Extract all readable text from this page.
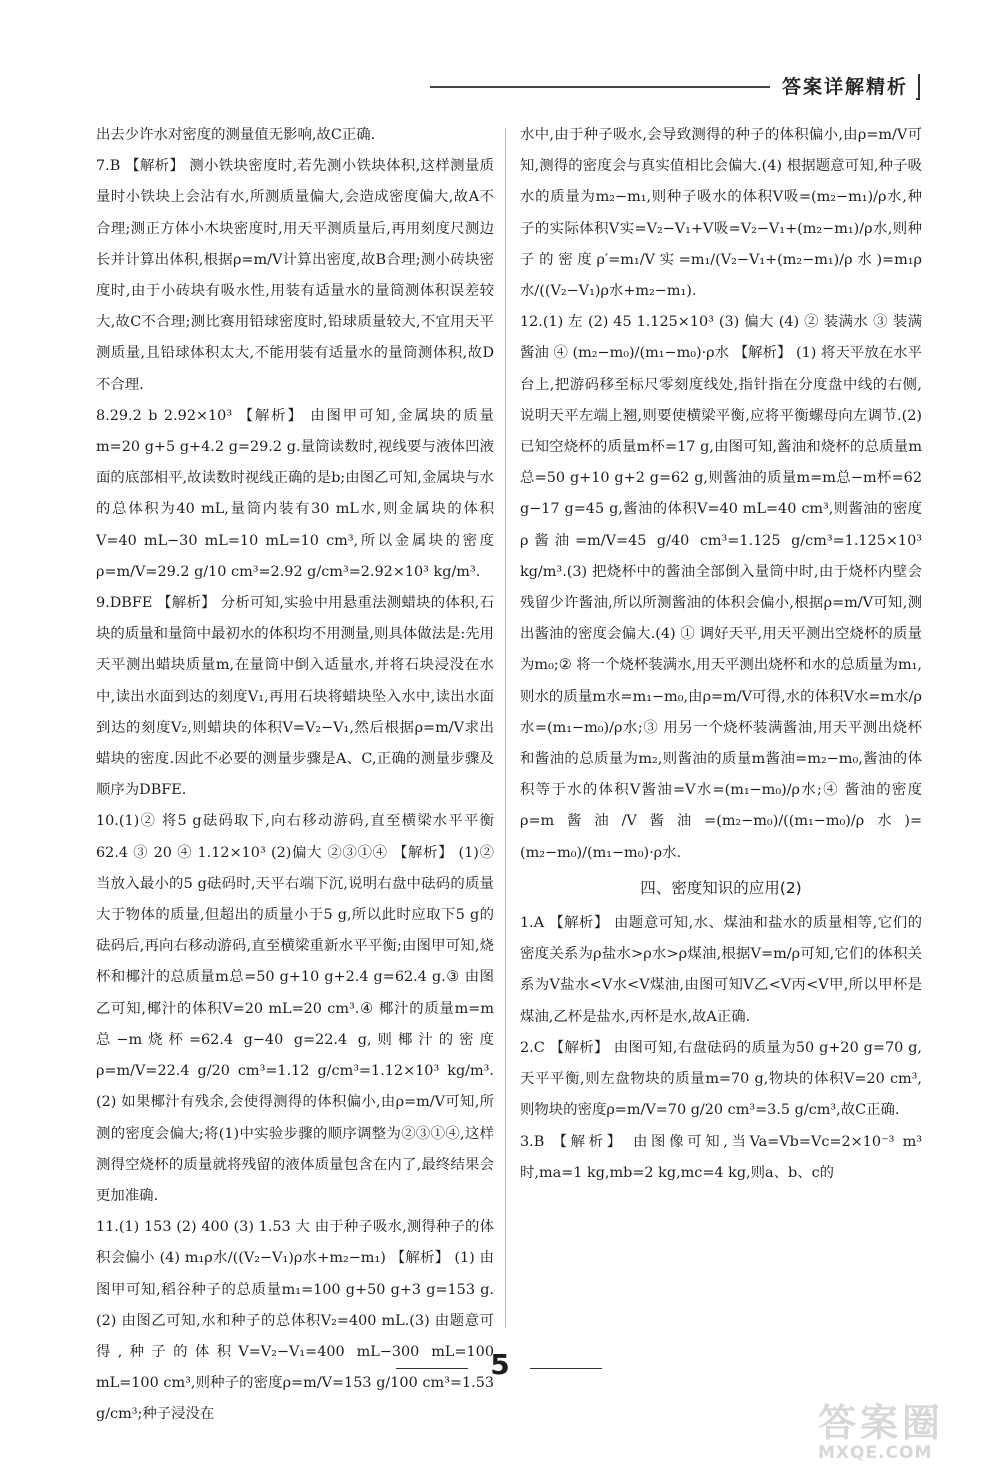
答案详解精析

出去少许水对密度的测量值无影响,故C正确.

7.B 【解析】 测小铁块密度时,若先测小铁块体积,这样测量质量时小铁块上会沾有水,所测质量偏大,会造成密度偏大,故A不合理;测正方体小木块密度时,用天平测质量后,再用刻度尺测边长并计算出体积,根据ρ=m/V计算出密度,故B合理;测小砖块密度时,由于小砖块有吸水性,用装有适量水的量筒测体积误差较大,故C不合理;测比赛用铅球密度时,铅球质量较大,不宜用天平测质量,且铅球体积太大,不能用装有适量水的量筒测体积,故D不合理.

8.29.2 b 2.92×10³ 【解析】 由图甲可知,金属块的质量m=20 g+5 g+4.2 g=29.2 g.量筒读数时,视线要与液体凹液面的底部相平,故读数时视线正确的是b;由图乙可知,金属块与水的总体积为40 mL,量筒内装有30 mL水,则金属块的体积V=40 mL−30 mL=10 mL=10 cm³,所以金属块的密度ρ=m/V=29.2 g/10 cm³=2.92 g/cm³=2.92×10³ kg/m³.

9.DBFE 【解析】 分析可知,实验中用悬重法测蜡块的体积,石块的质量和量筒中最初水的体积均不用测量,则具体做法是:先用天平测出蜡块质量m,在量筒中倒入适量水,并将石块浸没在水中,读出水面到达的刻度V₁,再用石块将蜡块坠入水中,读出水面到达的刻度V₂,则蜡块的体积V=V₂−V₁,然后根据ρ=m/V求出蜡块的密度.因此不必要的测量步骤是A、C,正确的测量步骤及顺序为DBFE.

10.(1)② 将5 g砝码取下,向右移动游码,直至横梁水平平衡 62.4 ③ 20 ④ 1.12×10³ (2)偏大 ②③①④ 【解析】 (1)② 当放入最小的5 g砝码时,天平右端下沉,说明右盘中砝码的质量大于物体的质量,但超出的质量小于5 g,所以此时应取下5 g的砝码后,再向右移动游码,直至横梁重新水平平衡;由图甲可知,烧杯和椰汁的总质量m总=50 g+10 g+2.4 g=62.4 g.③ 由图乙可知,椰汁的体积V=20 mL=20 cm³.④ 椰汁的质量m=m总−m烧杯=62.4 g−40 g=22.4 g,则椰汁的密度ρ=m/V=22.4 g/20 cm³=1.12 g/cm³=1.12×10³ kg/m³.(2) 如果椰汁有残余,会使得测得的体积偏小,由ρ=m/V可知,所测的密度会偏大;将(1)中实验步骤的顺序调整为②③①④,这样测得空烧杯的质量就将残留的液体质量包含在内了,最终结果会更加准确.

11.(1) 153 (2) 400 (3) 1.53 大 由于种子吸水,测得种子的体积会偏小 (4) m₁ρ水/((V₂−V₁)ρ水+m₂−m₁) 【解析】 (1) 由图甲可知,稻谷种子的总质量m₁=100 g+50 g+3 g=153 g.(2) 由图乙可知,水和种子的总体积V₂=400 mL.(3) 由题意可得,种子的体积V=V₂−V₁=400 mL−300 mL=100 mL=100 cm³,则种子的密度ρ=m/V=153 g/100 cm³=1.53 g/cm³;种子浸没在

水中,由于种子吸水,会导致测得的种子的体积偏小,由ρ=m/V可知,测得的密度会与真实值相比会偏大.(4) 根据题意可知,种子吸水的质量为m₂−m₁,则种子吸水的体积V吸=(m₂−m₁)/ρ水,种子的实际体积V实=V₂−V₁+V吸=V₂−V₁+(m₂−m₁)/ρ水,则种子的密度ρ′=m₁/V实=m₁/(V₂−V₁+(m₂−m₁)/ρ水)=m₁ρ水/((V₂−V₁)ρ水+m₂−m₁).

12.(1) 左 (2) 45 1.125×10³ (3) 偏大 (4) ② 装满水 ③ 装满酱油 ④ (m₂−m₀)/(m₁−m₀)·ρ水 【解析】 (1) 将天平放在水平台上,把游码移至标尺零刻度线处,指针指在分度盘中线的右侧,说明天平左端上翘,则要使横梁平衡,应将平衡螺母向左调节.(2) 已知空烧杯的质量m杯=17 g,由图可知,酱油和烧杯的总质量m总=50 g+10 g+2 g=62 g,则酱油的质量m=m总−m杯=62 g−17 g=45 g,酱油的体积V=40 mL=40 cm³,则酱油的密度ρ酱油=m/V=45 g/40 cm³=1.125 g/cm³=1.125×10³ kg/m³.(3) 把烧杯中的酱油全部倒入量筒中时,由于烧杯内壁会残留少许酱油,所以所测酱油的体积会偏小,根据ρ=m/V可知,测出酱油的密度会偏大.(4) ① 调好天平,用天平测出空烧杯的质量为m₀;② 将一个烧杯装满水,用天平测出烧杯和水的总质量为m₁,则水的质量m水=m₁−m₀,由ρ=m/V可得,水的体积V水=m水/ρ水=(m₁−m₀)/ρ水;③ 用另一个烧杯装满酱油,用天平测出烧杯和酱油的总质量为m₂,则酱油的质量m酱油=m₂−m₀,酱油的体积等于水的体积V酱油=V水=(m₁−m₀)/ρ水;④ 酱油的密度ρ=m酱油/V酱油=(m₂−m₀)/((m₁−m₀)/ρ水)=(m₂−m₀)/(m₁−m₀)·ρ水.

四、密度知识的应用(2)

1.A 【解析】 由题意可知,水、煤油和盐水的质量相等,它们的密度关系为ρ盐水>ρ水>ρ煤油,根据V=m/ρ可知,它们的体积关系为V盐水<V水<V煤油,由图可知V乙<V丙<V甲,所以甲杯是煤油,乙杯是盐水,丙杯是水,故A正确.

2.C 【解析】 由图可知,右盘砝码的质量为50 g+20 g=70 g,天平平衡,则左盘物块的质量m=70 g,物块的体积V=20 cm³,则物块的密度ρ=m/V=70 g/20 cm³=3.5 g/cm³,故C正确.

3.B 【解析】 由图像可知,当Va=Vb=Vc=2×10⁻³ m³时,ma=1 kg,mb=2 kg,mc=4 kg,则a、b、c的

5
答案圈
MXQE.COM
